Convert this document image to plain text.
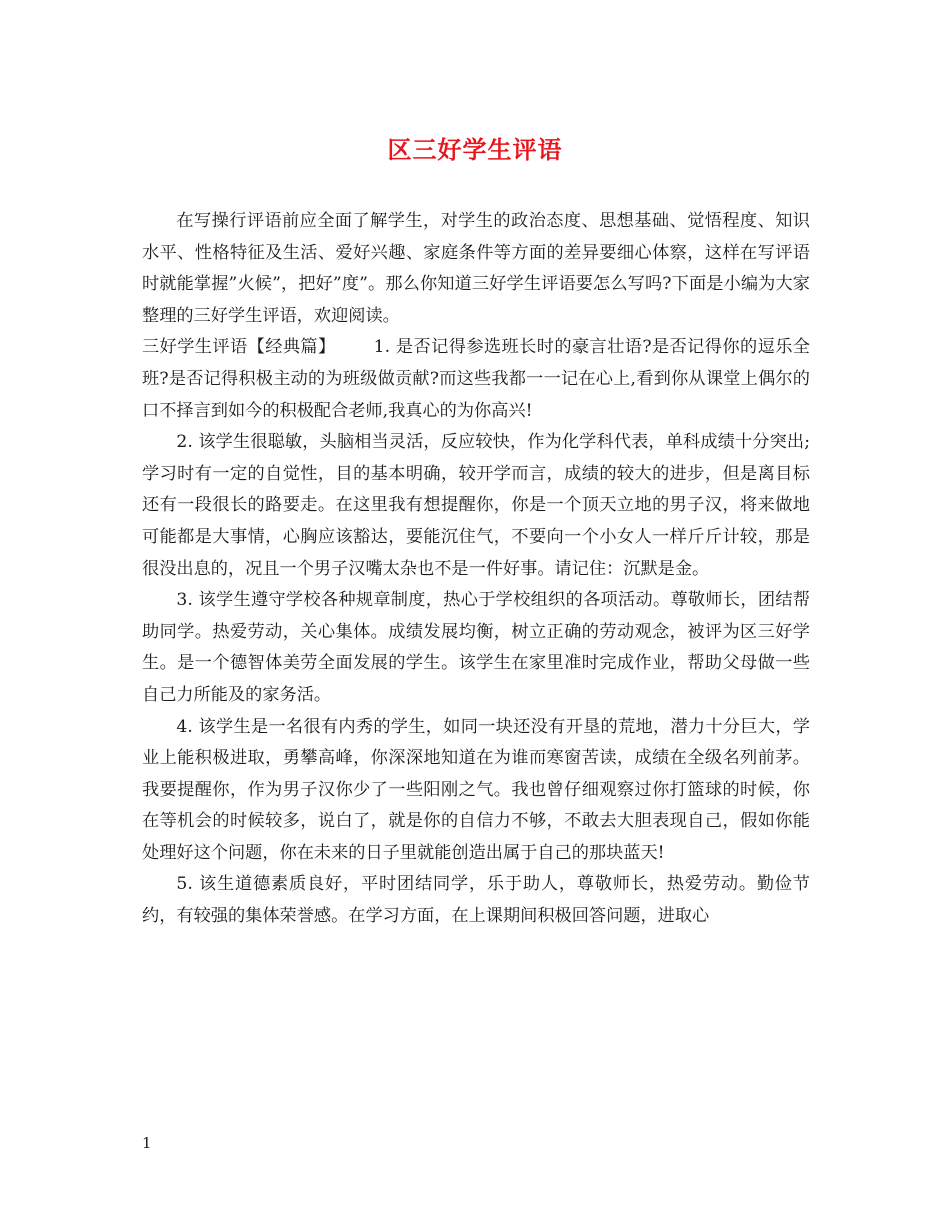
区三好学生评语

在写操行评语前应全面了解学生，对学生的政治态度、思想基础、觉悟程度、知识水平、性格特征及生活、爱好兴趣、家庭条件等方面的差异要细心体察，这样在写评语时就能掌握”火候”，把好”度”。那么你知道三好学生评语要怎么写吗?下面是小编为大家整理的三好学生评语，欢迎阅读。

三好学生评语【经典篇】 1. 是否记得参选班长时的豪言壮语?是否记得你的逗乐全班?是否记得积极主动的为班级做贡献?而这些我都一一记在心上,看到你从课堂上偶尔的口不择言到如今的积极配合老师,我真心的为你高兴!

2. 该学生很聪敏，头脑相当灵活，反应较快，作为化学科代表，单科成绩十分突出;学习时有一定的自觉性，目的基本明确，较开学而言，成绩的较大的进步，但是离目标还有一段很长的路要走。在这里我有想提醒你，你是一个顶天立地的男子汉，将来做地可能都是大事情，心胸应该豁达，要能沉住气，不要向一个小女人一样斤斤计较，那是很没出息的，况且一个男子汉嘴太杂也不是一件好事。请记住：沉默是金。

3. 该学生遵守学校各种规章制度，热心于学校组织的各项活动。尊敬师长，团结帮助同学。热爱劳动，关心集体。成绩发展均衡，树立正确的劳动观念，被评为区三好学生。是一个德智体美劳全面发展的学生。该学生在家里准时完成作业，帮助父母做一些自己力所能及的家务活。

4. 该学生是一名很有内秀的学生，如同一块还没有开垦的荒地，潜力十分巨大，学业上能积极进取，勇攀高峰，你深深地知道在为谁而寒窗苦读，成绩在全级名列前茅。我要提醒你，作为男子汉你少了一些阳刚之气。我也曾仔细观察过你打篮球的时候，你在等机会的时候较多，说白了，就是你的自信力不够，不敢去大胆表现自己，假如你能处理好这个问题，你在未来的日子里就能创造出属于自己的那块蓝天!

5. 该生道德素质良好，平时团结同学，乐于助人，尊敬师长，热爱劳动。勤俭节约，有较强的集体荣誉感。在学习方面，在上课期间积极回答问题，进取心

1
